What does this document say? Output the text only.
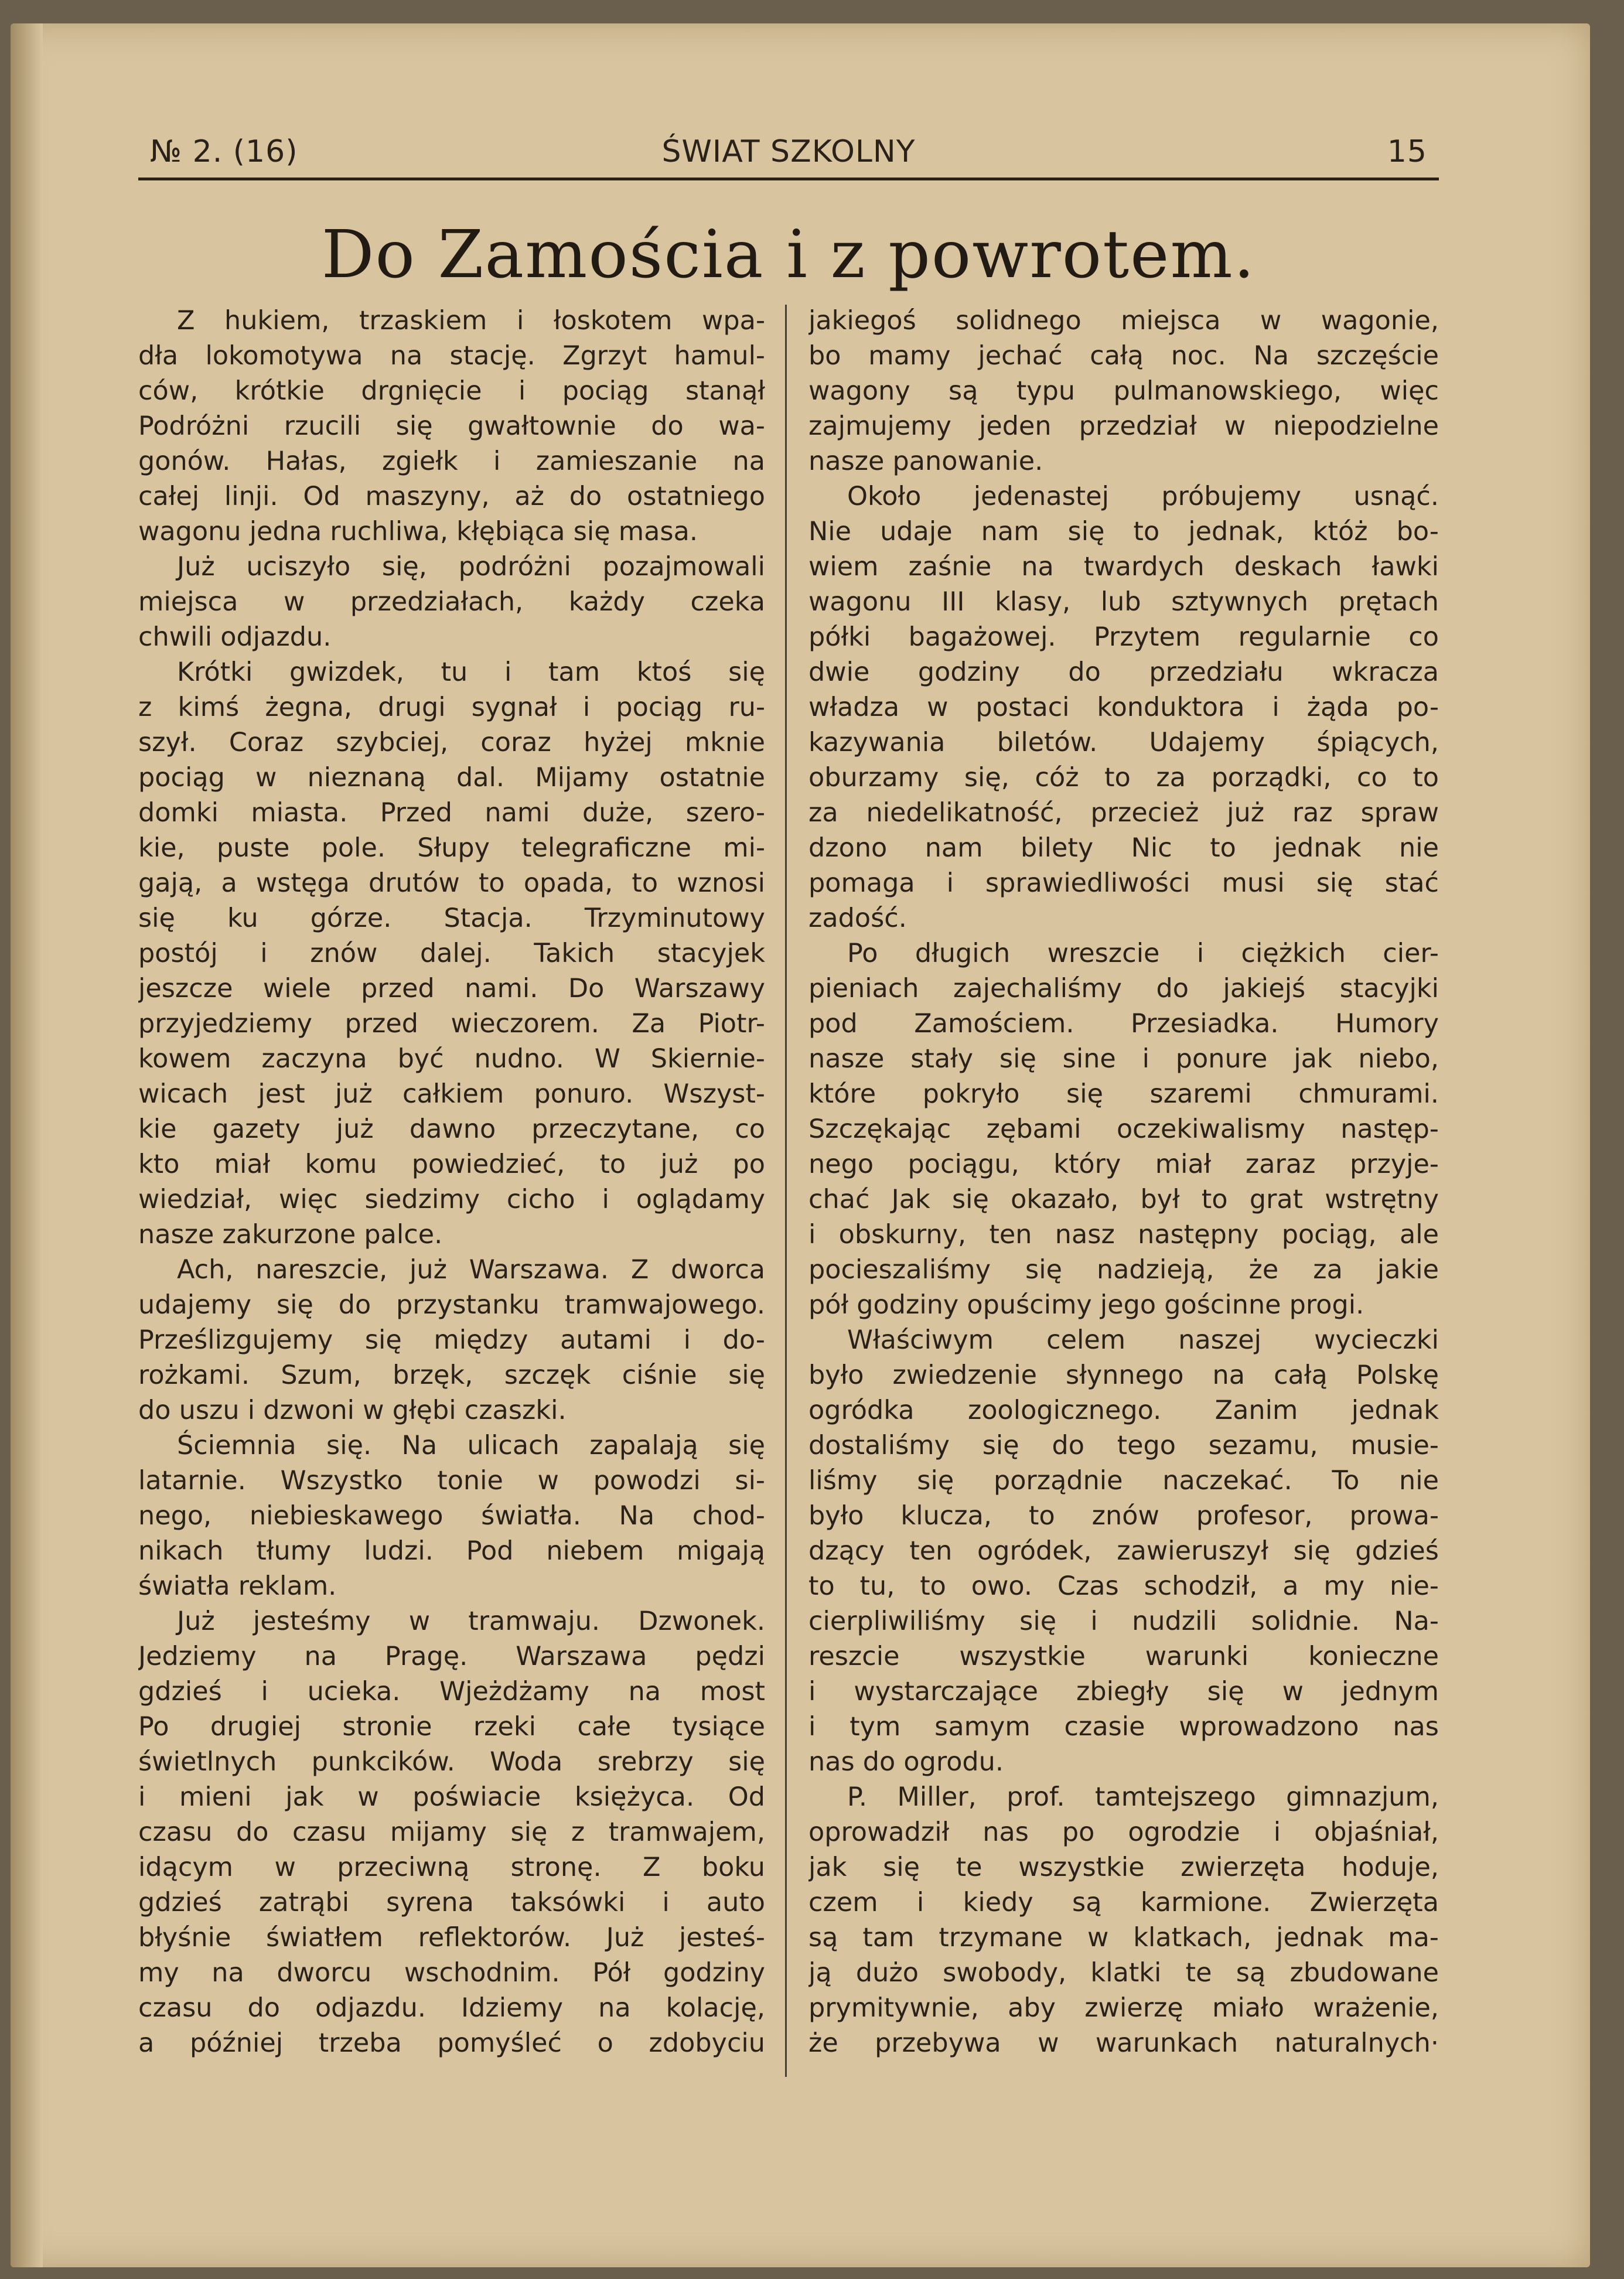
№ 2. (16)	ŚWIAT SZKOLNY	15
Do Zamościa i z powrotem.
Z hukiem, trzaskiem i łoskotem wpa-
dła lokomotywa na stację. Zgrzyt hamul-
ców, krótkie drgnięcie i pociąg stanął
Podróżni rzucili się gwałtownie do wa-
gonów. Hałas, zgiełk i zamieszanie na
całej linji. Od maszyny, aż do ostatniego
wagonu jedna ruchliwa, kłębiąca się masa.
Już uciszyło się, podróżni pozajmowali
miejsca w przedziałach, każdy czeka
chwili odjazdu.
Krótki gwizdek, tu i tam ktoś się
z kimś żegna, drugi sygnał i pociąg ru-
szył. Coraz szybciej, coraz hyżej mknie
pociąg w nieznaną dal. Mijamy ostatnie
domki miasta. Przed nami duże, szero-
kie, puste pole. Słupy telegraficzne mi-
gają, a wstęga drutów to opada, to wznosi
się ku górze. Stacja. Trzyminutowy
postój i znów dalej. Takich stacyjek
jeszcze wiele przed nami. Do Warszawy
przyjedziemy przed wieczorem. Za Piotr-
kowem zaczyna być nudno. W Skiernie-
wicach jest już całkiem ponuro. Wszyst-
kie gazety już dawno przeczytane, co
kto miał komu powiedzieć, to już po
wiedział, więc siedzimy cicho i oglądamy
nasze zakurzone palce.
Ach, nareszcie, już Warszawa. Z dworca
udajemy się do przystanku tramwajowego.
Prześlizgujemy się między autami i do-
rożkami. Szum, brzęk, szczęk ciśnie się
do uszu i dzwoni w głębi czaszki.
Ściemnia się. Na ulicach zapalają się
latarnie. Wszystko tonie w powodzi si-
nego, niebieskawego światła. Na chod-
nikach tłumy ludzi. Pod niebem migają
światła reklam.
Już jesteśmy w tramwaju. Dzwonek.
Jedziemy na Pragę. Warszawa pędzi
gdzieś i ucieka. Wjeżdżamy na most
Po drugiej stronie rzeki całe tysiące
świetlnych punkcików. Woda srebrzy się
i mieni jak w poświacie księżyca. Od
czasu do czasu mijamy się z tramwajem,
idącym w przeciwną stronę. Z boku
gdzieś zatrąbi syrena taksówki i auto
błyśnie światłem reflektorów. Już jesteś-
my na dworcu wschodnim. Pół godziny
czasu do odjazdu. Idziemy na kolację,
a później trzeba pomyśleć o zdobyciu
jakiegoś solidnego miejsca w wagonie,
bo mamy jechać całą noc. Na szczęście
wagony są typu pulmanowskiego, więc
zajmujemy jeden przedział w niepodzielne
nasze panowanie.
Około jedenastej próbujemy usnąć.
Nie udaje nam się to jednak, któż bo-
wiem zaśnie na twardych deskach ławki
wagonu III klasy, lub sztywnych prętach
półki bagażowej. Przytem regularnie co
dwie godziny do przedziału wkracza
władza w postaci konduktora i żąda po-
kazywania biletów. Udajemy śpiących,
oburzamy się, cóż to za porządki, co to
za niedelikatność, przecież już raz spraw
dzono nam bilety Nic to jednak nie
pomaga i sprawiedliwości musi się stać
zadość.
Po długich wreszcie i ciężkich cier-
pieniach zajechaliśmy do jakiejś stacyjki
pod Zamościem. Przesiadka. Humory
nasze stały się sine i ponure jak niebo,
które pokryło się szaremi chmurami.
Szczękając zębami oczekiwalismy następ-
nego pociągu, który miał zaraz przyje-
chać Jak się okazało, był to grat wstrętny
i obskurny, ten nasz następny pociąg, ale
pocieszaliśmy się nadzieją, że za jakie
pół godziny opuścimy jego gościnne progi.
Właściwym celem naszej wycieczki
było zwiedzenie słynnego na całą Polskę
ogródka zoologicznego. Zanim jednak
dostaliśmy się do tego sezamu, musie-
liśmy się porządnie naczekać. To nie
było klucza, to znów profesor, prowa-
dzący ten ogródek, zawieruszył się gdzieś
to tu, to owo. Czas schodził, a my nie-
cierpliwiliśmy się i nudzili solidnie. Na-
reszcie wszystkie warunki konieczne
i wystarczające zbiegły się w jednym
i tym samym czasie wprowadzono nas
nas do ogrodu.
P. Miller, prof. tamtejszego gimnazjum,
oprowadził nas po ogrodzie i objaśniał,
jak się te wszystkie zwierzęta hoduje,
czem i kiedy są karmione. Zwierzęta
są tam trzymane w klatkach, jednak ma-
ją dużo swobody, klatki te są zbudowane
prymitywnie, aby zwierzę miało wrażenie,
że przebywa w warunkach naturalnych·
